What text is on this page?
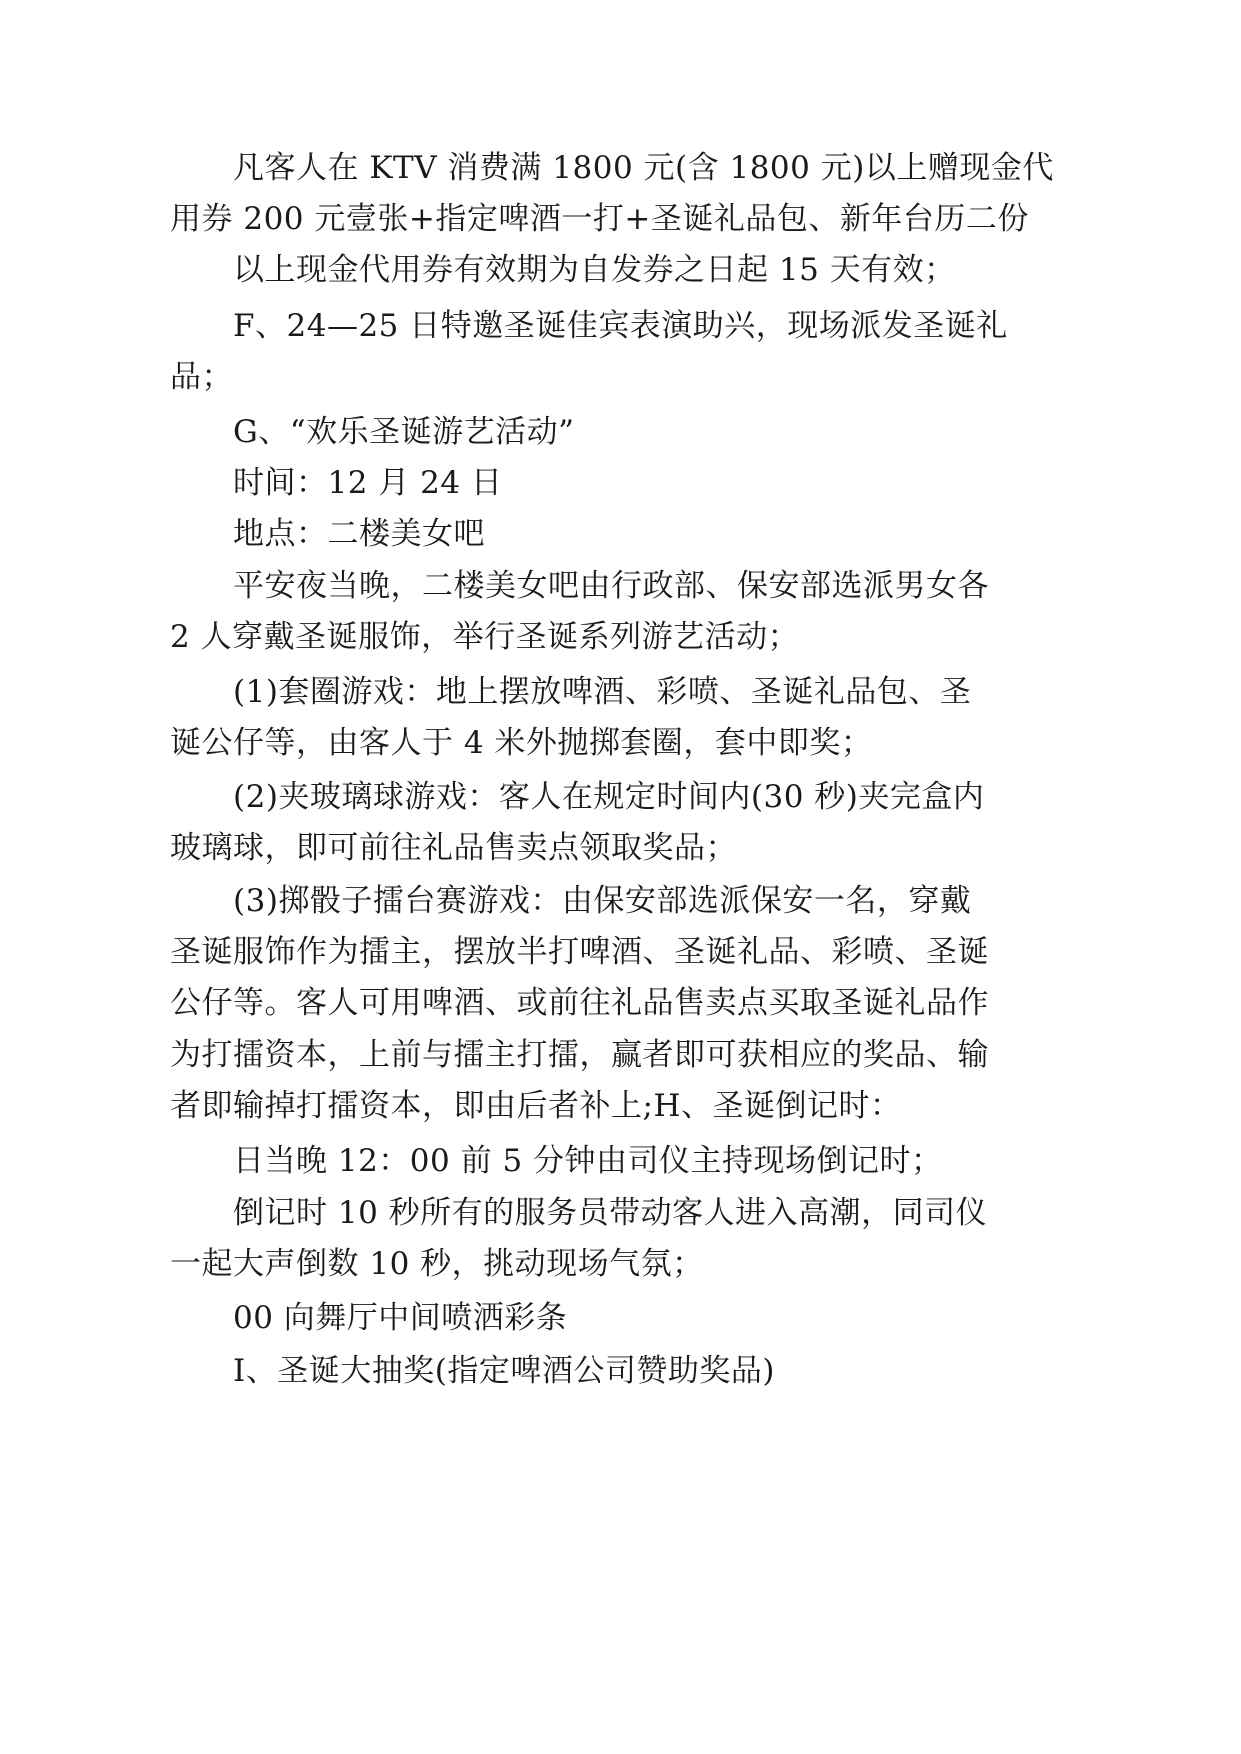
凡客人在 KTV 消费满 1800 元(含 1800 元)以上赠现金代
用券 200 元壹张+指定啤酒一打+圣诞礼品包、新年台历二份
以上现金代用券有效期为自发券之日起 15 天有效；
F、24—25 日特邀圣诞佳宾表演助兴，现场派发圣诞礼
品；
G、“欢乐圣诞游艺活动”
时间：12 月 24 日
地点：二楼美女吧
平安夜当晚，二楼美女吧由行政部、保安部选派男女各
2 人穿戴圣诞服饰，举行圣诞系列游艺活动；
(1)套圈游戏：地上摆放啤酒、彩喷、圣诞礼品包、圣
诞公仔等，由客人于 4 米外抛掷套圈，套中即奖；
(2)夹玻璃球游戏：客人在规定时间内(30 秒)夹完盒内
玻璃球，即可前往礼品售卖点领取奖品；
(3)掷骰子擂台赛游戏：由保安部选派保安一名，穿戴
圣诞服饰作为擂主，摆放半打啤酒、圣诞礼品、彩喷、圣诞
公仔等。客人可用啤酒、或前往礼品售卖点买取圣诞礼品作
为打擂资本，上前与擂主打擂，赢者即可获相应的奖品、输
者即输掉打擂资本，即由后者补上;H、圣诞倒记时：
日当晚 12：00 前 5 分钟由司仪主持现场倒记时；
倒记时 10 秒所有的服务员带动客人进入高潮，同司仪
一起大声倒数 10 秒，挑动现场气氛；
00 向舞厅中间喷洒彩条
I、圣诞大抽奖(指定啤酒公司赞助奖品)
